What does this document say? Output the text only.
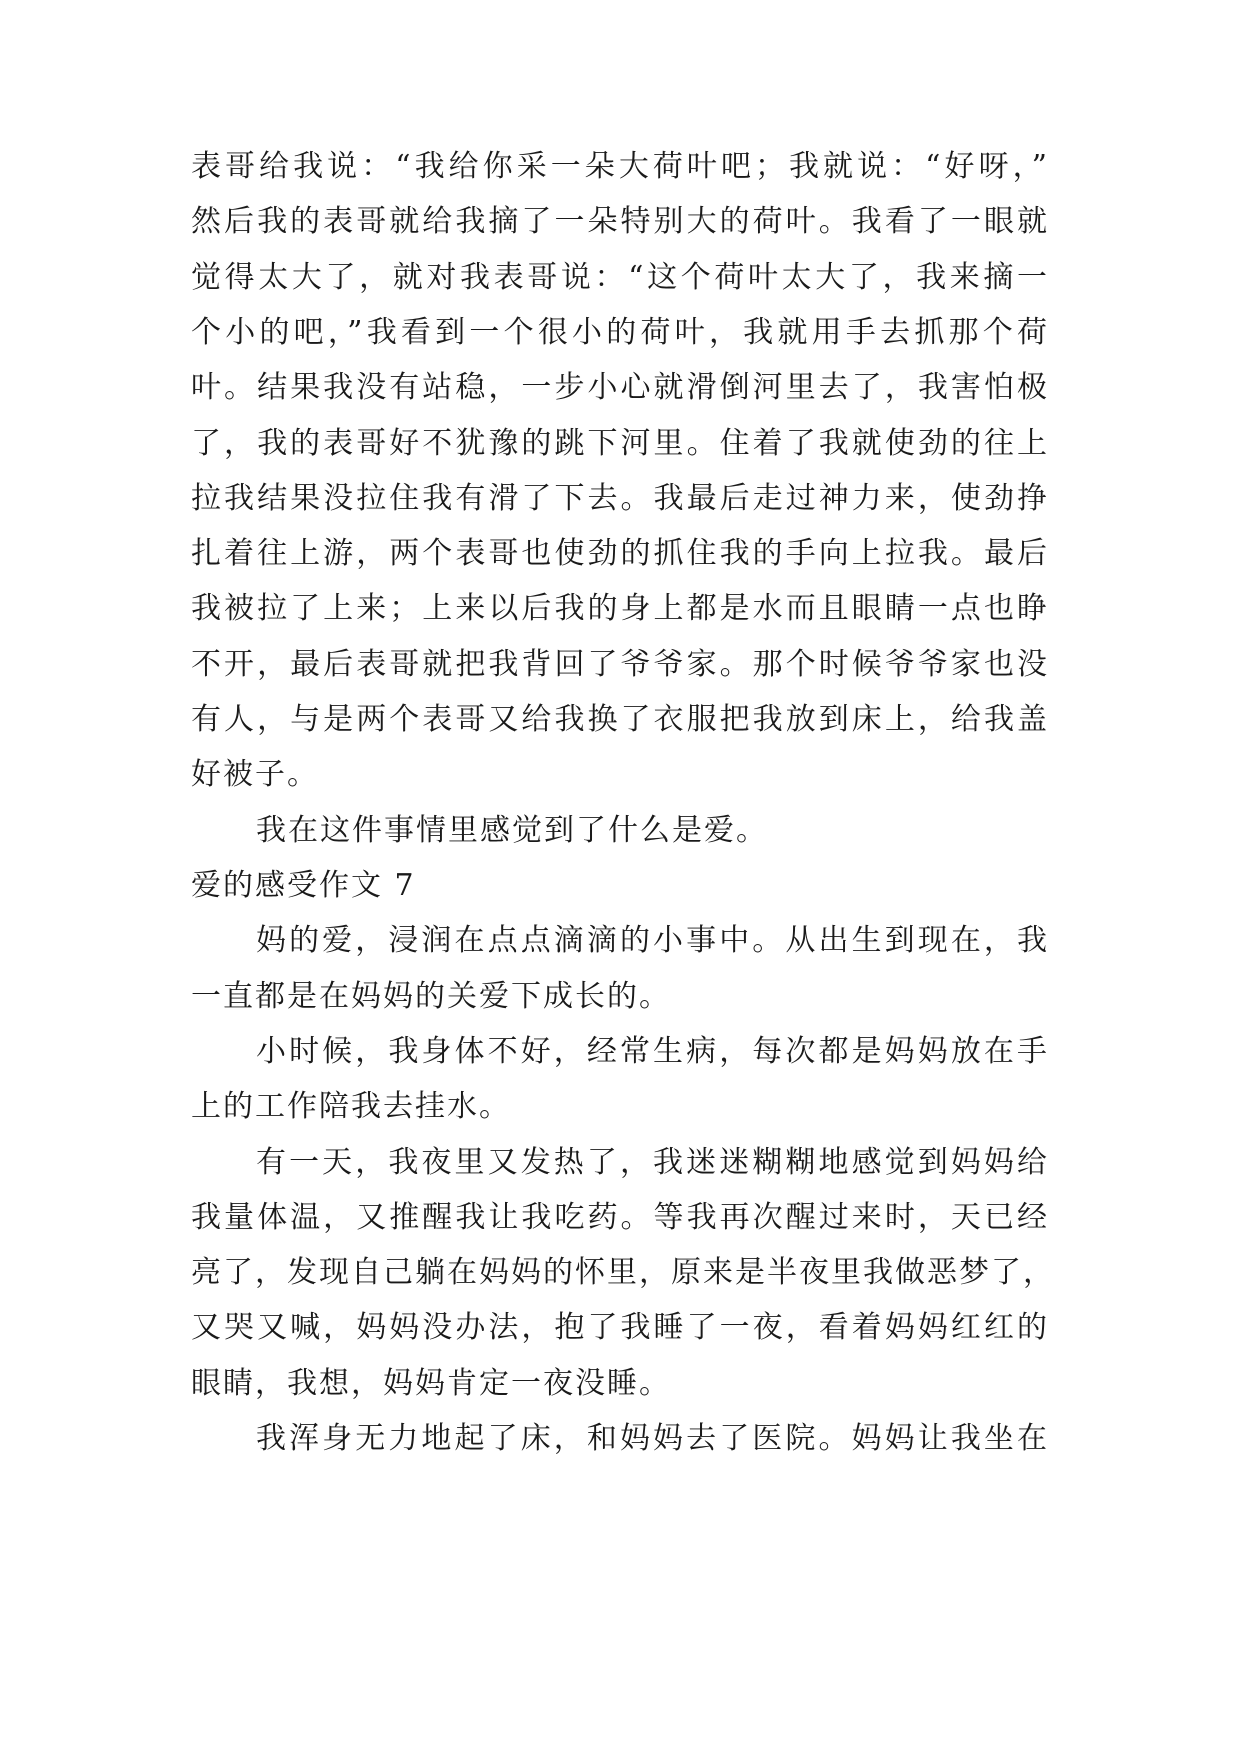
表哥给我说：“我给你采一朵大荷叶吧；我就说：“好呀，”
然后我的表哥就给我摘了一朵特别大的荷叶。我看了一眼就
觉得太大了，就对我表哥说：“这个荷叶太大了，我来摘一
个小的吧，”我看到一个很小的荷叶，我就用手去抓那个荷
叶。结果我没有站稳，一步小心就滑倒河里去了，我害怕极
了，我的表哥好不犹豫的跳下河里。住着了我就使劲的往上
拉我结果没拉住我有滑了下去。我最后走过神力来，使劲挣
扎着往上游，两个表哥也使劲的抓住我的手向上拉我。最后
我被拉了上来；上来以后我的身上都是水而且眼睛一点也睁
不开，最后表哥就把我背回了爷爷家。那个时候爷爷家也没
有人，与是两个表哥又给我换了衣服把我放到床上，给我盖
好被子。
我在这件事情里感觉到了什么是爱。
爱的感受作文 7
妈的爱，浸润在点点滴滴的小事中。从出生到现在，我
一直都是在妈妈的关爱下成长的。
小时候，我身体不好，经常生病，每次都是妈妈放在手
上的工作陪我去挂水。
有一天，我夜里又发热了，我迷迷糊糊地感觉到妈妈给
我量体温，又推醒我让我吃药。等我再次醒过来时，天已经
亮了，发现自己躺在妈妈的怀里，原来是半夜里我做恶梦了，
又哭又喊，妈妈没办法，抱了我睡了一夜，看着妈妈红红的
眼睛，我想，妈妈肯定一夜没睡。
我浑身无力地起了床，和妈妈去了医院。妈妈让我坐在
